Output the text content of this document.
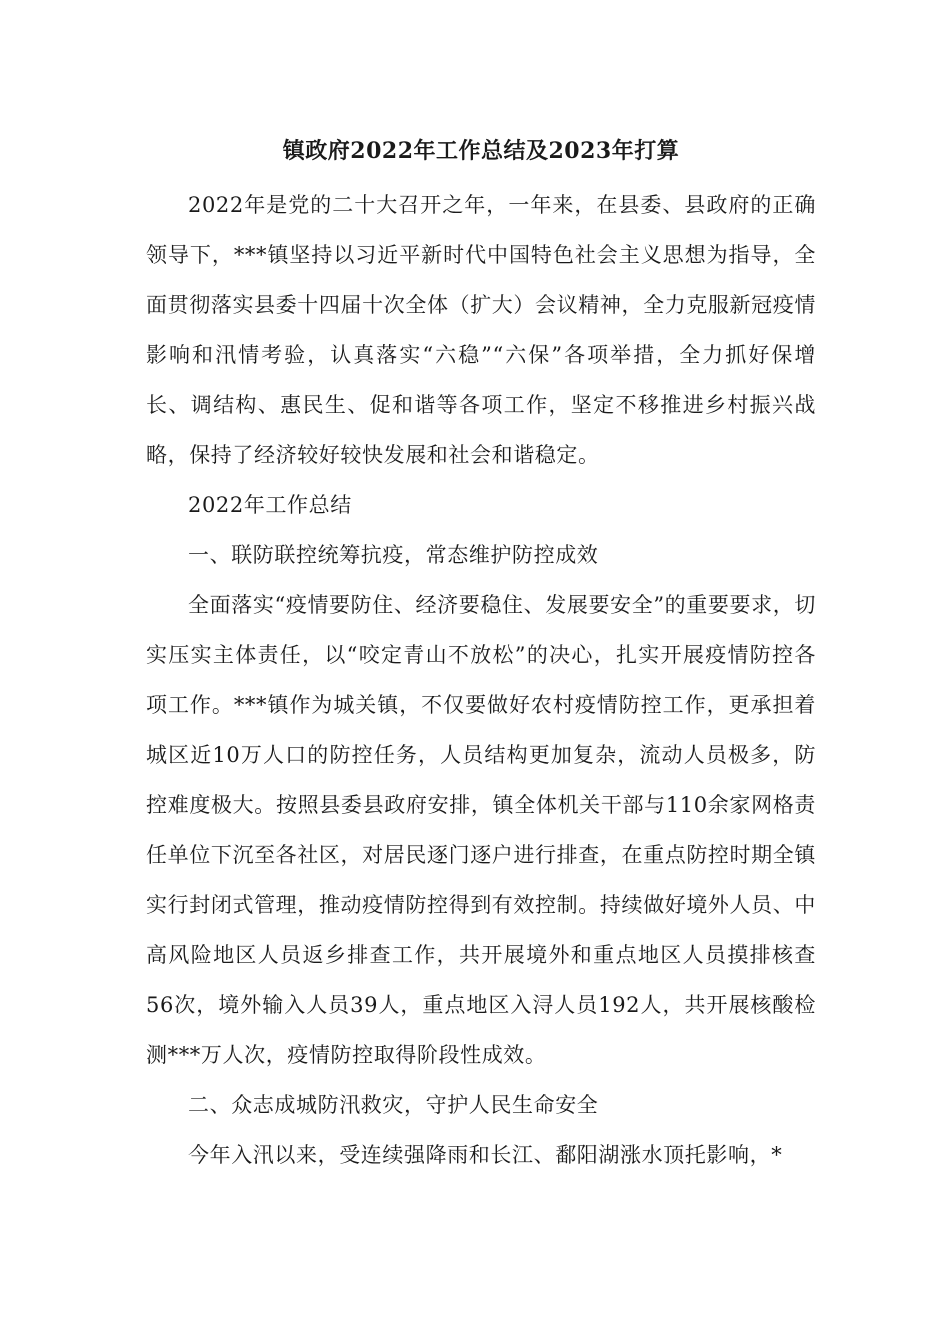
镇政府2022年工作总结及2023年打算

2022年是党的二十大召开之年，一年来，在县委、县政府的正确领导下，***镇坚持以习近平新时代中国特色社会主义思想为指导，全面贯彻落实县委十四届十次全体（扩大）会议精神，全力克服新冠疫情影响和汛情考验，认真落实“六稳”“六保”各项举措，全力抓好保增长、调结构、惠民生、促和谐等各项工作，坚定不移推进乡村振兴战略，保持了经济较好较快发展和社会和谐稳定。

2022年工作总结

一、联防联控统筹抗疫，常态维护防控成效

全面落实“疫情要防住、经济要稳住、发展要安全”的重要要求，切实压实主体责任，以“咬定青山不放松”的决心，扎实开展疫情防控各项工作。***镇作为城关镇，不仅要做好农村疫情防控工作，更承担着城区近10万人口的防控任务，人员结构更加复杂，流动人员极多，防控难度极大。按照县委县政府安排，镇全体机关干部与110余家网格责任单位下沉至各社区，对居民逐门逐户进行排查，在重点防控时期全镇实行封闭式管理，推动疫情防控得到有效控制。持续做好境外人员、中高风险地区人员返乡排查工作，共开展境外和重点地区人员摸排核查56次，境外输入人员39人，重点地区入浔人员192人，共开展核酸检测***万人次，疫情防控取得阶段性成效。

二、众志成城防汛救灾，守护人民生命安全

今年入汛以来，受连续强降雨和长江、鄱阳湖涨水顶托影响，*
